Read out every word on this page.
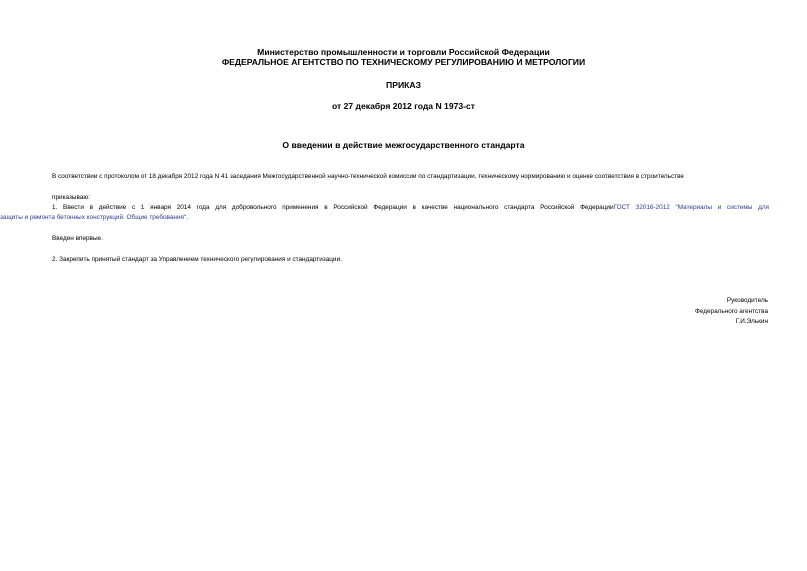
Министерство промышленности и торговли Российской Федерации
ФЕДЕРАЛЬНОЕ АГЕНТСТВО ПО ТЕХНИЧЕСКОМУ РЕГУЛИРОВАНИЮ И МЕТРОЛОГИИ
ПРИКАЗ
от 27 декабря 2012 года N 1973-ст
О введении в действие межгосударственного стандарта
В соответствии с протоколом от 18 декабря 2012 года N 41 заседания Межгосударственной научно-технической комиссии по стандартизации, техническому нормированию и оценке соответствия в строительстве
приказываю:
1. Ввести в действие с 1 января 2014 года для добровольного применения в Российской Федерации в качестве национального стандарта Российской ФедерацииГОСТ 32016-2012 "Материалы и системы для
защиты и ремонта бетонных конструкций. Общие требования".
Введен впервые.
2. Закрепить принятый стандарт за Управлением технического регулирования и стандартизации.
Руководитель
Федерального агентства
Г.И.Элькин
